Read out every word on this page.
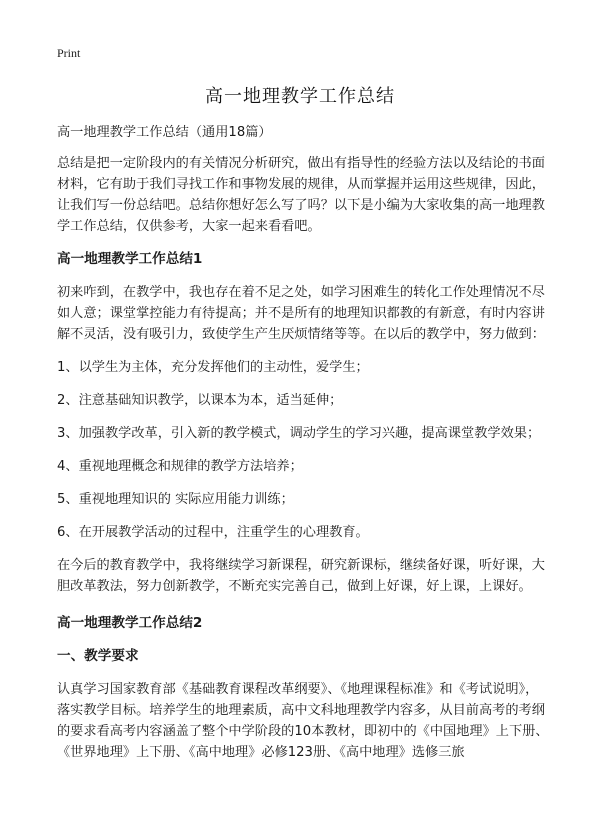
Print
高一地理教学工作总结

高一地理教学工作总结（通用18篇）

总结是把一定阶段内的有关情况分析研究，做出有指导性的经验方法以及结论的书面材料，它有助于我们寻找工作和事物发展的规律，从而掌握并运用这些规律，因此，让我们写一份总结吧。总结你想好怎么写了吗？以下是小编为大家收集的高一地理教学工作总结，仅供参考，大家一起来看看吧。

高一地理教学工作总结1

初来咋到，在教学中，我也存在着不足之处，如学习困难生的转化工作处理情况不尽如人意；课堂掌控能力有待提高；并不是所有的地理知识都教的有新意，有时内容讲解不灵活，没有吸引力，致使学生产生厌烦情绪等等。在以后的教学中，努力做到：

1、以学生为主体，充分发挥他们的主动性，爱学生；

2、注意基础知识教学，以课本为本，适当延伸；

3、加强教学改革，引入新的教学模式，调动学生的学习兴趣，提高课堂教学效果；

4、重视地理概念和规律的教学方法培养；

5、重视地理知识的 实际应用能力训练；

6、在开展教学活动的过程中，注重学生的心理教育。

在今后的教育教学中，我将继续学习新课程，研究新课标，继续备好课，听好课，大胆改革教法，努力创新教学，不断充实完善自己，做到上好课，好上课，上课好。

高一地理教学工作总结2
一、教学要求

认真学习国家教育部《基础教育课程改革纲要》、《地理课程标准》和《考试说明》，落实教学目标。培养学生的地理素质，高中文科地理教学内容多，从目前高考的考纲的要求看高考内容涵盖了整个中学阶段的10本教材，即初中的《中国地理》上下册、《世界地理》上下册、《高中地理》必修123册、《高中地理》选修三旅
